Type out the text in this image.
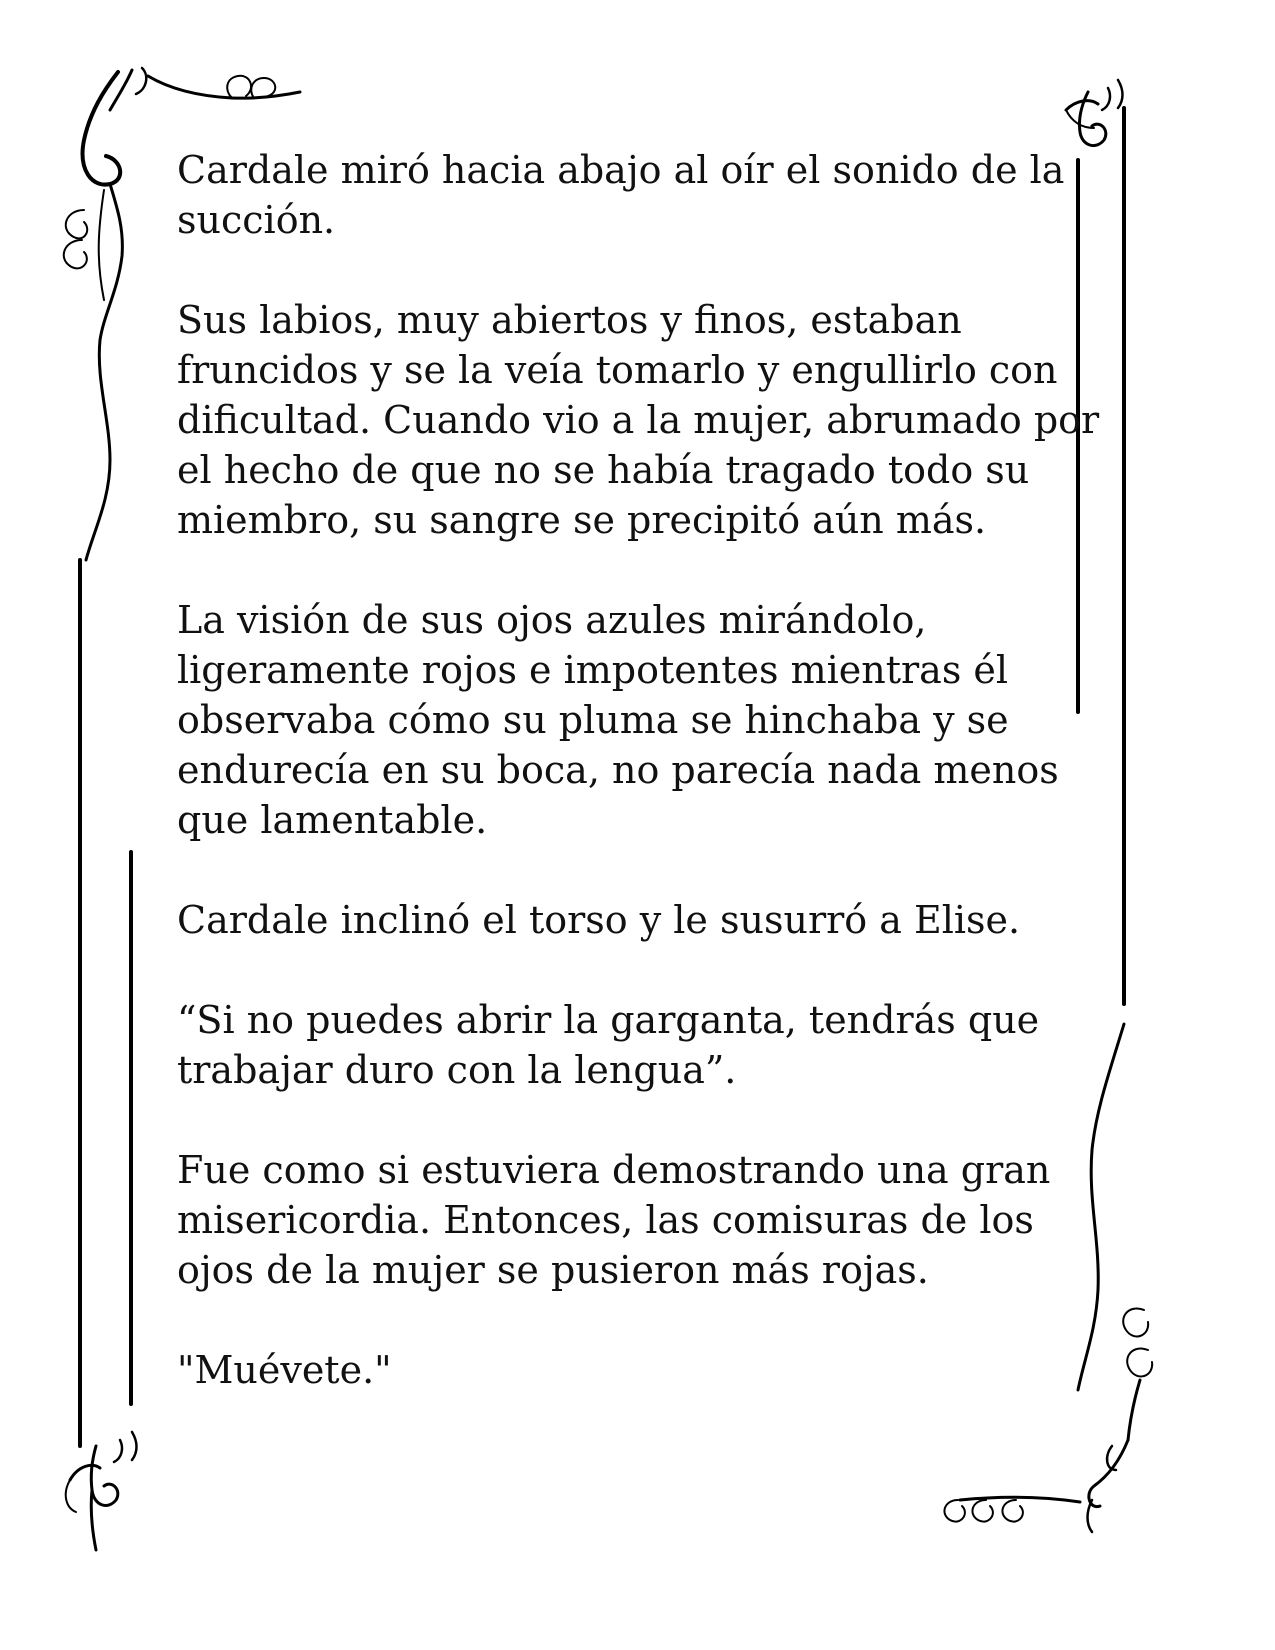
Cardale miró hacia abajo al oír el sonido de la succión.

Sus labios, muy abiertos y finos, estaban fruncidos y se la veía tomarlo y engullirlo con dificultad. Cuando vio a la mujer, abrumado por el hecho de que no se había tragado todo su miembro, su sangre se precipitó aún más.

La visión de sus ojos azules mirándolo, ligeramente rojos e impotentes mientras él observaba cómo su pluma se hinchaba y se endurecía en su boca, no parecía nada menos que lamentable.

Cardale inclinó el torso y le susurró a Elise.

“Si no puedes abrir la garganta, tendrás que trabajar duro con la lengua”.

Fue como si estuviera demostrando una gran misericordia. Entonces, las comisuras de los ojos de la mujer se pusieron más rojas.

"Muévete."
